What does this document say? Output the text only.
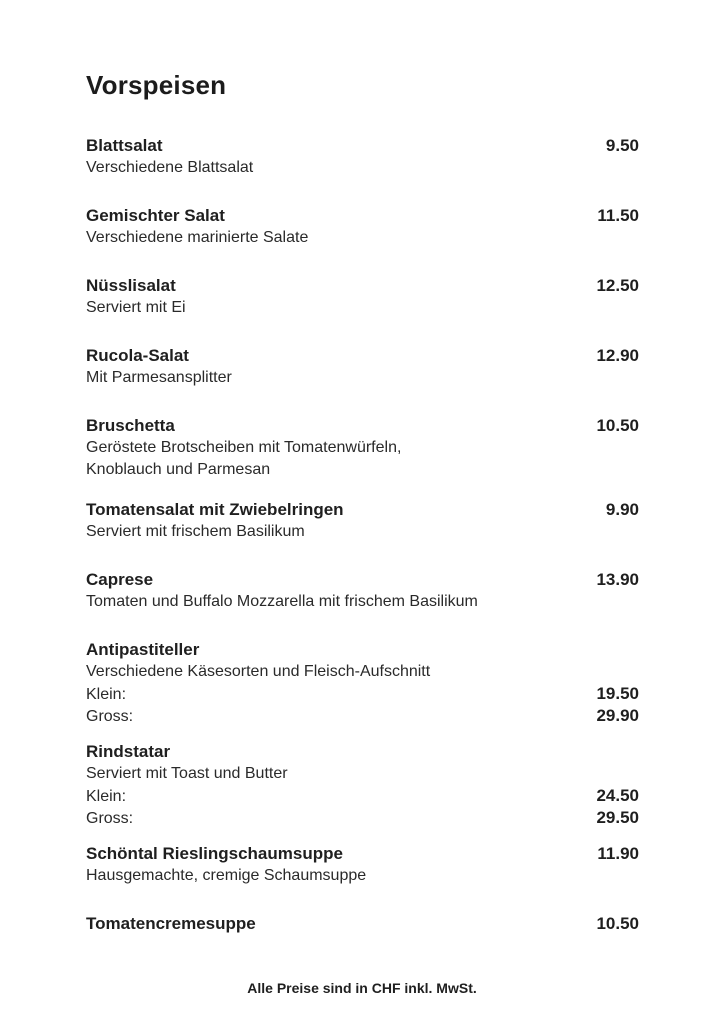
Vorspeisen
Blattsalat	9.50
Verschiedene Blattsalat
Gemischter Salat	11.50
Verschiedene marinierte Salate
Nüsslisalat	12.50
Serviert mit Ei
Rucola-Salat	12.90
Mit Parmesansplitter
Bruschetta	10.50
Geröstete Brotscheiben mit Tomatenwürfeln,
Knoblauch und Parmesan
Tomatensalat mit Zwiebelringen	9.90
Serviert mit frischem Basilikum
Caprese	13.90
Tomaten und Buffalo Mozzarella mit frischem Basilikum
Antipastiteller
Verschiedene Käsesorten und Fleisch-Aufschnitt
Klein:	19.50
Gross:	29.90
Rindstatar
Serviert mit Toast und Butter
Klein:	24.50
Gross:	29.50
Schöntal Rieslingschaumsuppe	11.90
Hausgemachte, cremige Schaumsuppe
Tomatencremesuppe	10.50
Alle Preise sind in CHF inkl. MwSt.
